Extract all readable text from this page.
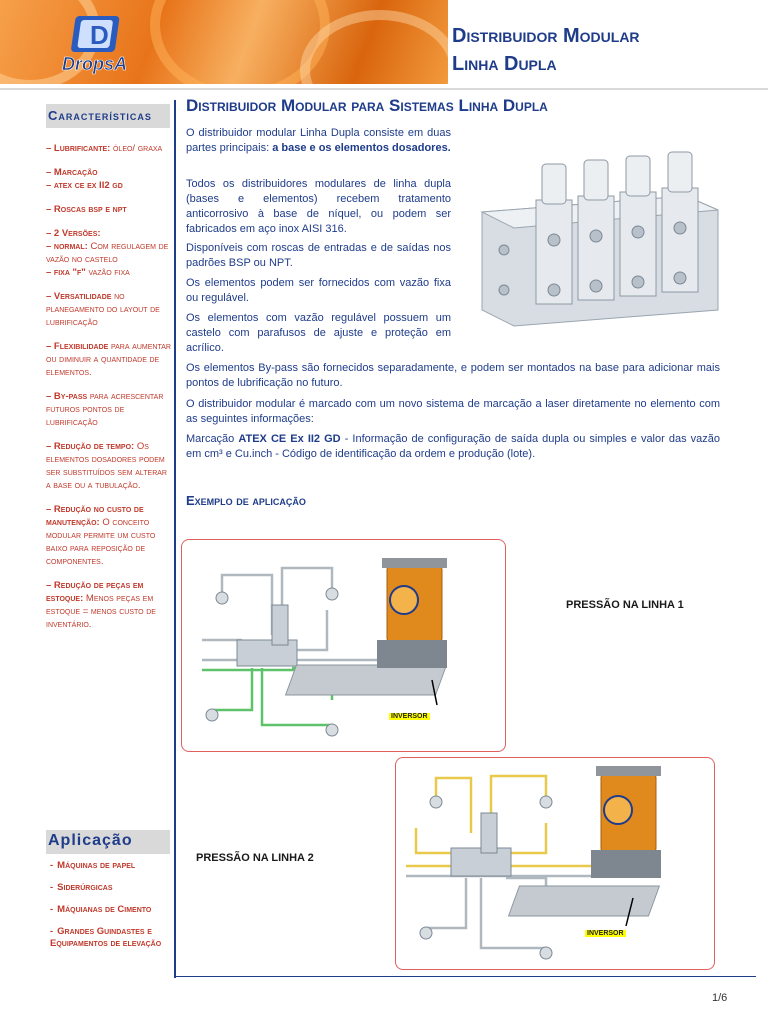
D
DropsA
Distribuidor Modular
Linha Dupla
Características
– Lubrificante: óleo/ graxa
– Marcação
– atex ce ex II2 gd
– Roscas bsp e npt
– 2 Versões:
– normal: Com regulagem de vazão no castelo
– fixa "f" vazão fixa
– Versatilidade no planegamento do layout de lubrificação
– Flexibilidade para aumentar ou diminuir a quantidade de elementos.
– By-pass para acrescentar futuros pontos de lubrificação
– Redução de tempo: Os elementos dosadores podem ser substituídos sem alterar a base ou a tubulação.
– Redução no custo de manutenção: O conceito modular permite um custo baixo para reposição de componentes.
– Redução de peças em estoque: Menos peças em estoque = menos custo de inventário.
Aplicação
- Máquinas de papel
- Siderúrgicas
- Máquianas de Cimento
- Grandes Guindastes e Equipamentos de elevação
Distribuidor Modular para Sistemas Linha Dupla
O distribuidor modular Linha Dupla consiste em duas partes principais: a base e os elementos dosadores.
Todos os distribuidores modulares de linha dupla (bases e elementos) recebem tratamento anticorrosivo à base de níquel, ou podem ser fabricados em aço inox AISI 316.
Disponíveis com roscas de entradas e de saídas nos padrões BSP ou NPT.
Os elementos podem ser fornecidos com vazão fixa ou regulável.
Os elementos com vazão regulável possuem um castelo com parafusos de ajuste e proteção em acrílico.
Os elementos By-pass são fornecidos separadamente, e podem ser montados na base para adicionar mais pontos de lubrificação no futuro.
O distribuidor modular é marcado com um novo sistema de marcação a laser diretamente no elemento com as seguintes informações:
Marcação ATEX CE Ex II2 GD - Informação de configuração de saída dupla ou simples e valor das vazão em cm³ e Cu.inch - Código de identificação da ordem e produção (lote).
Exemplo de aplicação
INVERSOR
PRESSÃO NA LINHA 1
INVERSOR
PRESSÃO NA LINHA 2
1/6
